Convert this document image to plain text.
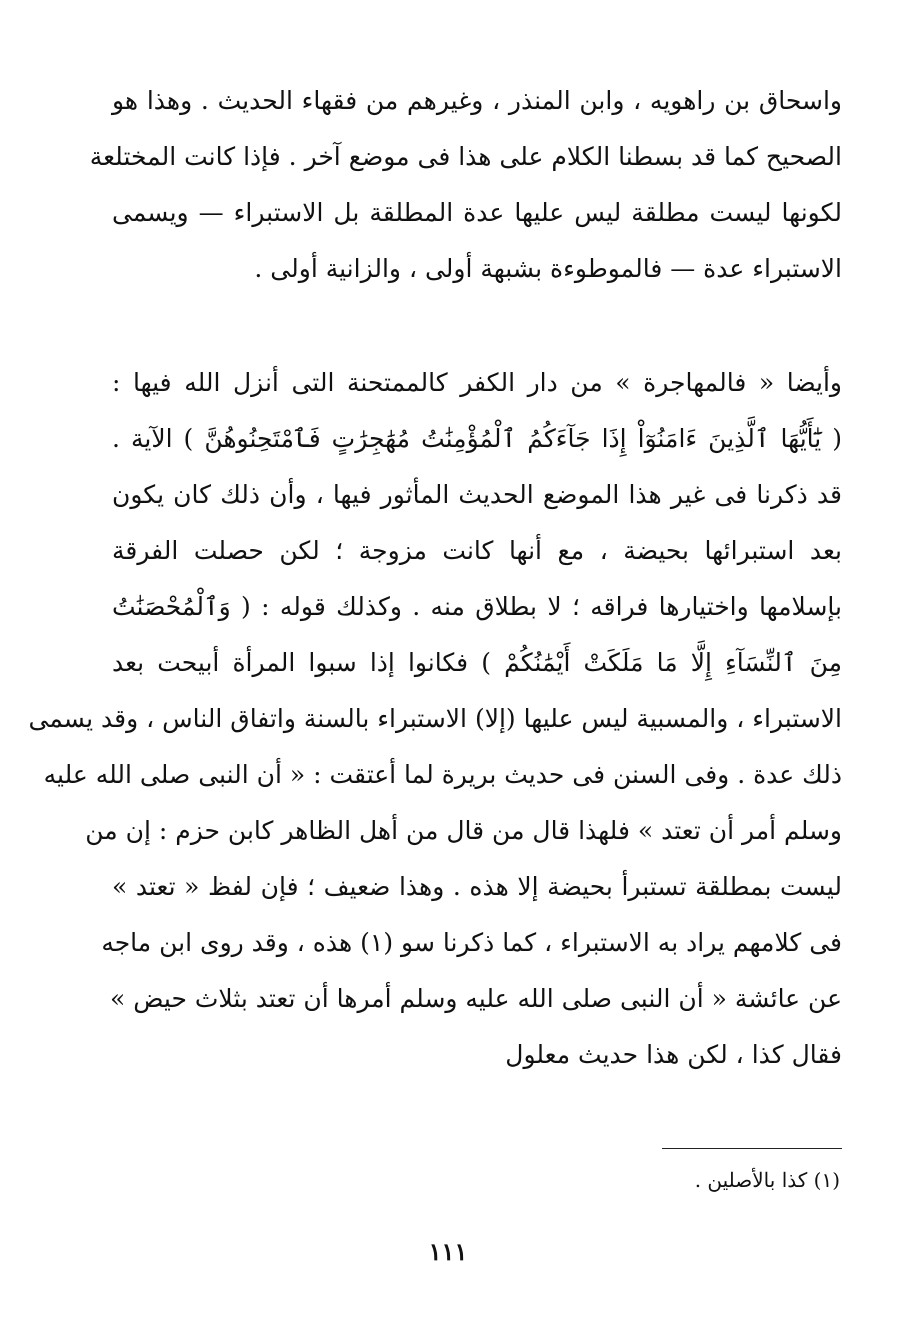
واسحاق بن راهويه ، وابن المنذر ، وغيرهم من فقهاء الحديث . وهذا هو
الصحيح كما قد بسطنا الكلام على هذا فى موضع آخر . فإذا كانت المختلعة
لكونها ليست مطلقة ليس عليها عدة المطلقة بل الاستبراء — ويسمى
الاستبراء عدة — فالموطوءة بشبهة أولى ، والزانية أولى .
وأيضا « فالمهاجرة » من دار الكفر كالممتحنة التى أنزل الله فيها :
( يَٰٓأَيُّهَا ٱلَّذِينَ ءَامَنُوٓاْ إِذَا جَآءَكُمُ ٱلْمُؤْمِنَٰتُ مُهَٰجِرَٰتٍ فَٱمْتَحِنُوهُنَّ ) الآية .
قد ذكرنا فى غير هذا الموضع الحديث المأثور فيها ، وأن ذلك كان يكون
بعد استبرائها بحيضة ، مع أنها كانت مزوجة ؛ لكن حصلت الفرقة
بإسلامها واختيارها فراقه ؛ لا بطلاق منه . وكذلك قوله : ( وَٱلْمُحْصَنَٰتُ
مِنَ ٱلنِّسَآءِ إِلَّا مَا مَلَكَتْ أَيْمَٰنُكُمْ ) فكانوا إذا سبوا المرأة أبيحت بعد
الاستبراء ، والمسبية ليس عليها (إلا) الاستبراء بالسنة واتفاق الناس ، وقد يسمى
ذلك عدة . وفى السنن فى حديث بريرة لما أعتقت : « أن النبى صلى الله عليه
وسلم أمر أن تعتد » فلهذا قال من قال من أهل الظاهر كابن حزم : إن من
ليست بمطلقة تستبرأ بحيضة إلا هذه . وهذا ضعيف ؛ فإن لفظ « تعتد »
فى كلامهم يراد به الاستبراء ، كما ذكرنا سو (١) هذه ، وقد روى ابن ماجه
عن عائشة « أن النبى صلى الله عليه وسلم أمرها أن تعتد بثلاث حيض »
فقال كذا ، لكن هذا حديث معلول

(١) كذا بالأصلين .

١١١
